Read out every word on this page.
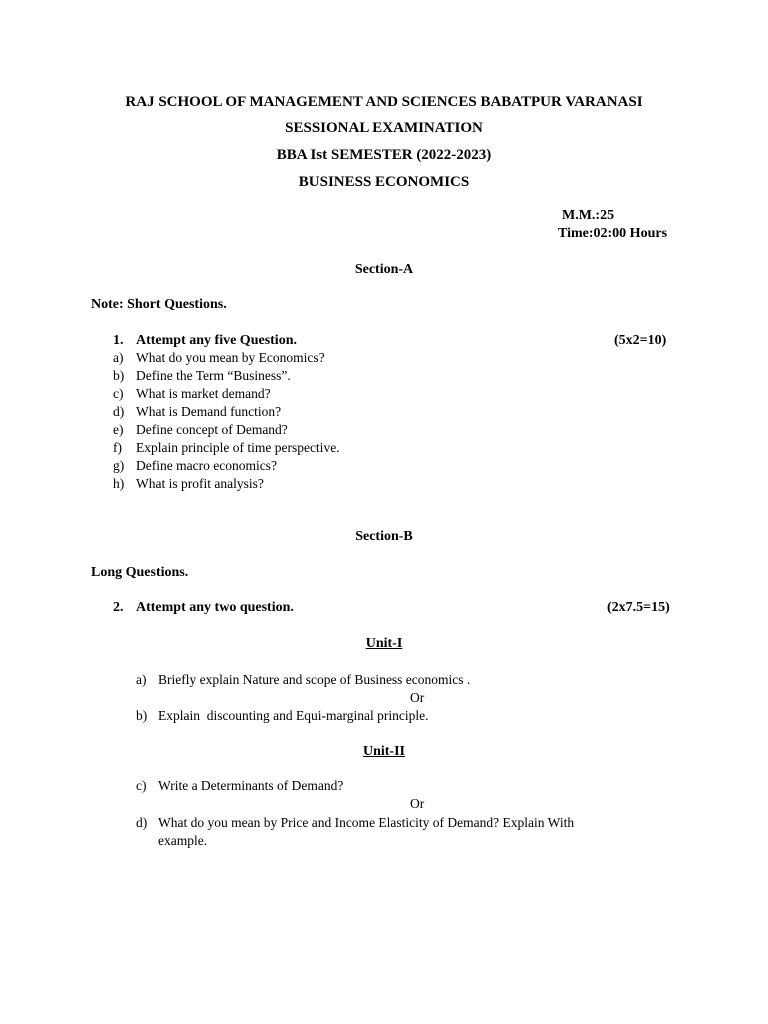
RAJ SCHOOL OF MANAGEMENT AND SCIENCES BABATPUR VARANASI
SESSIONAL EXAMINATION
BBA Ist SEMESTER (2022-2023)
BUSINESS ECONOMICS
M.M.:25
Time:02:00 Hours
Section-A
Note: Short Questions.
1. Attempt any five Question.	(5x2=10)
a) What do you mean by Economics?
b) Define the Term “Business”.
c) What is market demand?
d) What is Demand function?
e) Define concept of Demand?
f) Explain principle of time perspective.
g) Define macro economics?
h) What is profit analysis?
Section-B
Long Questions.
2. Attempt any two question.	(2x7.5=15)
Unit-I
a) Briefly explain Nature and scope of Business economics .
Or
b) Explain  discounting and Equi-marginal principle.
Unit-II
c) Write a Determinants of Demand?
Or
d) What do you mean by Price and Income Elasticity of Demand? Explain With
example.
